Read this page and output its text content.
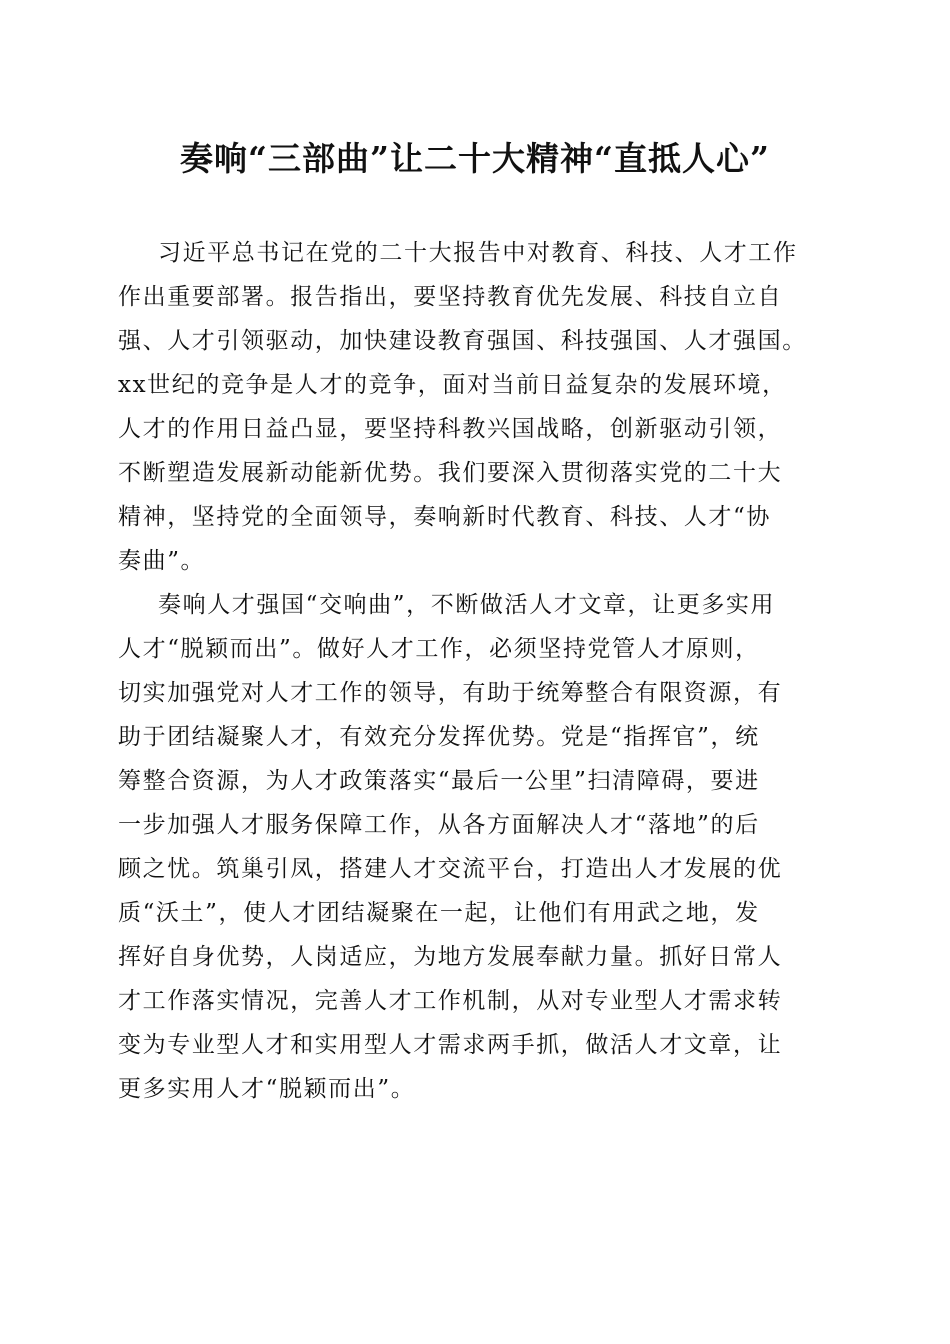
奏响“三部曲”让二十大精神“直抵人心”
习近平总书记在党的二十大报告中对教育、科技、人才工作
作出重要部署。报告指出，要坚持教育优先发展、科技自立自
强、人才引领驱动，加快建设教育强国、科技强国、人才强国。
xx世纪的竞争是人才的竞争，面对当前日益复杂的发展环境，
人才的作用日益凸显，要坚持科教兴国战略，创新驱动引领，
不断塑造发展新动能新优势。我们要深入贯彻落实党的二十大
精神，坚持党的全面领导，奏响新时代教育、科技、人才“协
奏曲”。
奏响人才强国“交响曲”，不断做活人才文章，让更多实用
人才“脱颖而出”。做好人才工作，必须坚持党管人才原则，
切实加强党对人才工作的领导，有助于统筹整合有限资源，有
助于团结凝聚人才，有效充分发挥优势。党是“指挥官”，统
筹整合资源，为人才政策落实“最后一公里”扫清障碍，要进
一步加强人才服务保障工作，从各方面解决人才“落地”的后
顾之忧。筑巢引凤，搭建人才交流平台，打造出人才发展的优
质“沃土”，使人才团结凝聚在一起，让他们有用武之地，发
挥好自身优势，人岗适应，为地方发展奉献力量。抓好日常人
才工作落实情况，完善人才工作机制，从对专业型人才需求转
变为专业型人才和实用型人才需求两手抓，做活人才文章，让
更多实用人才“脱颖而出”。
